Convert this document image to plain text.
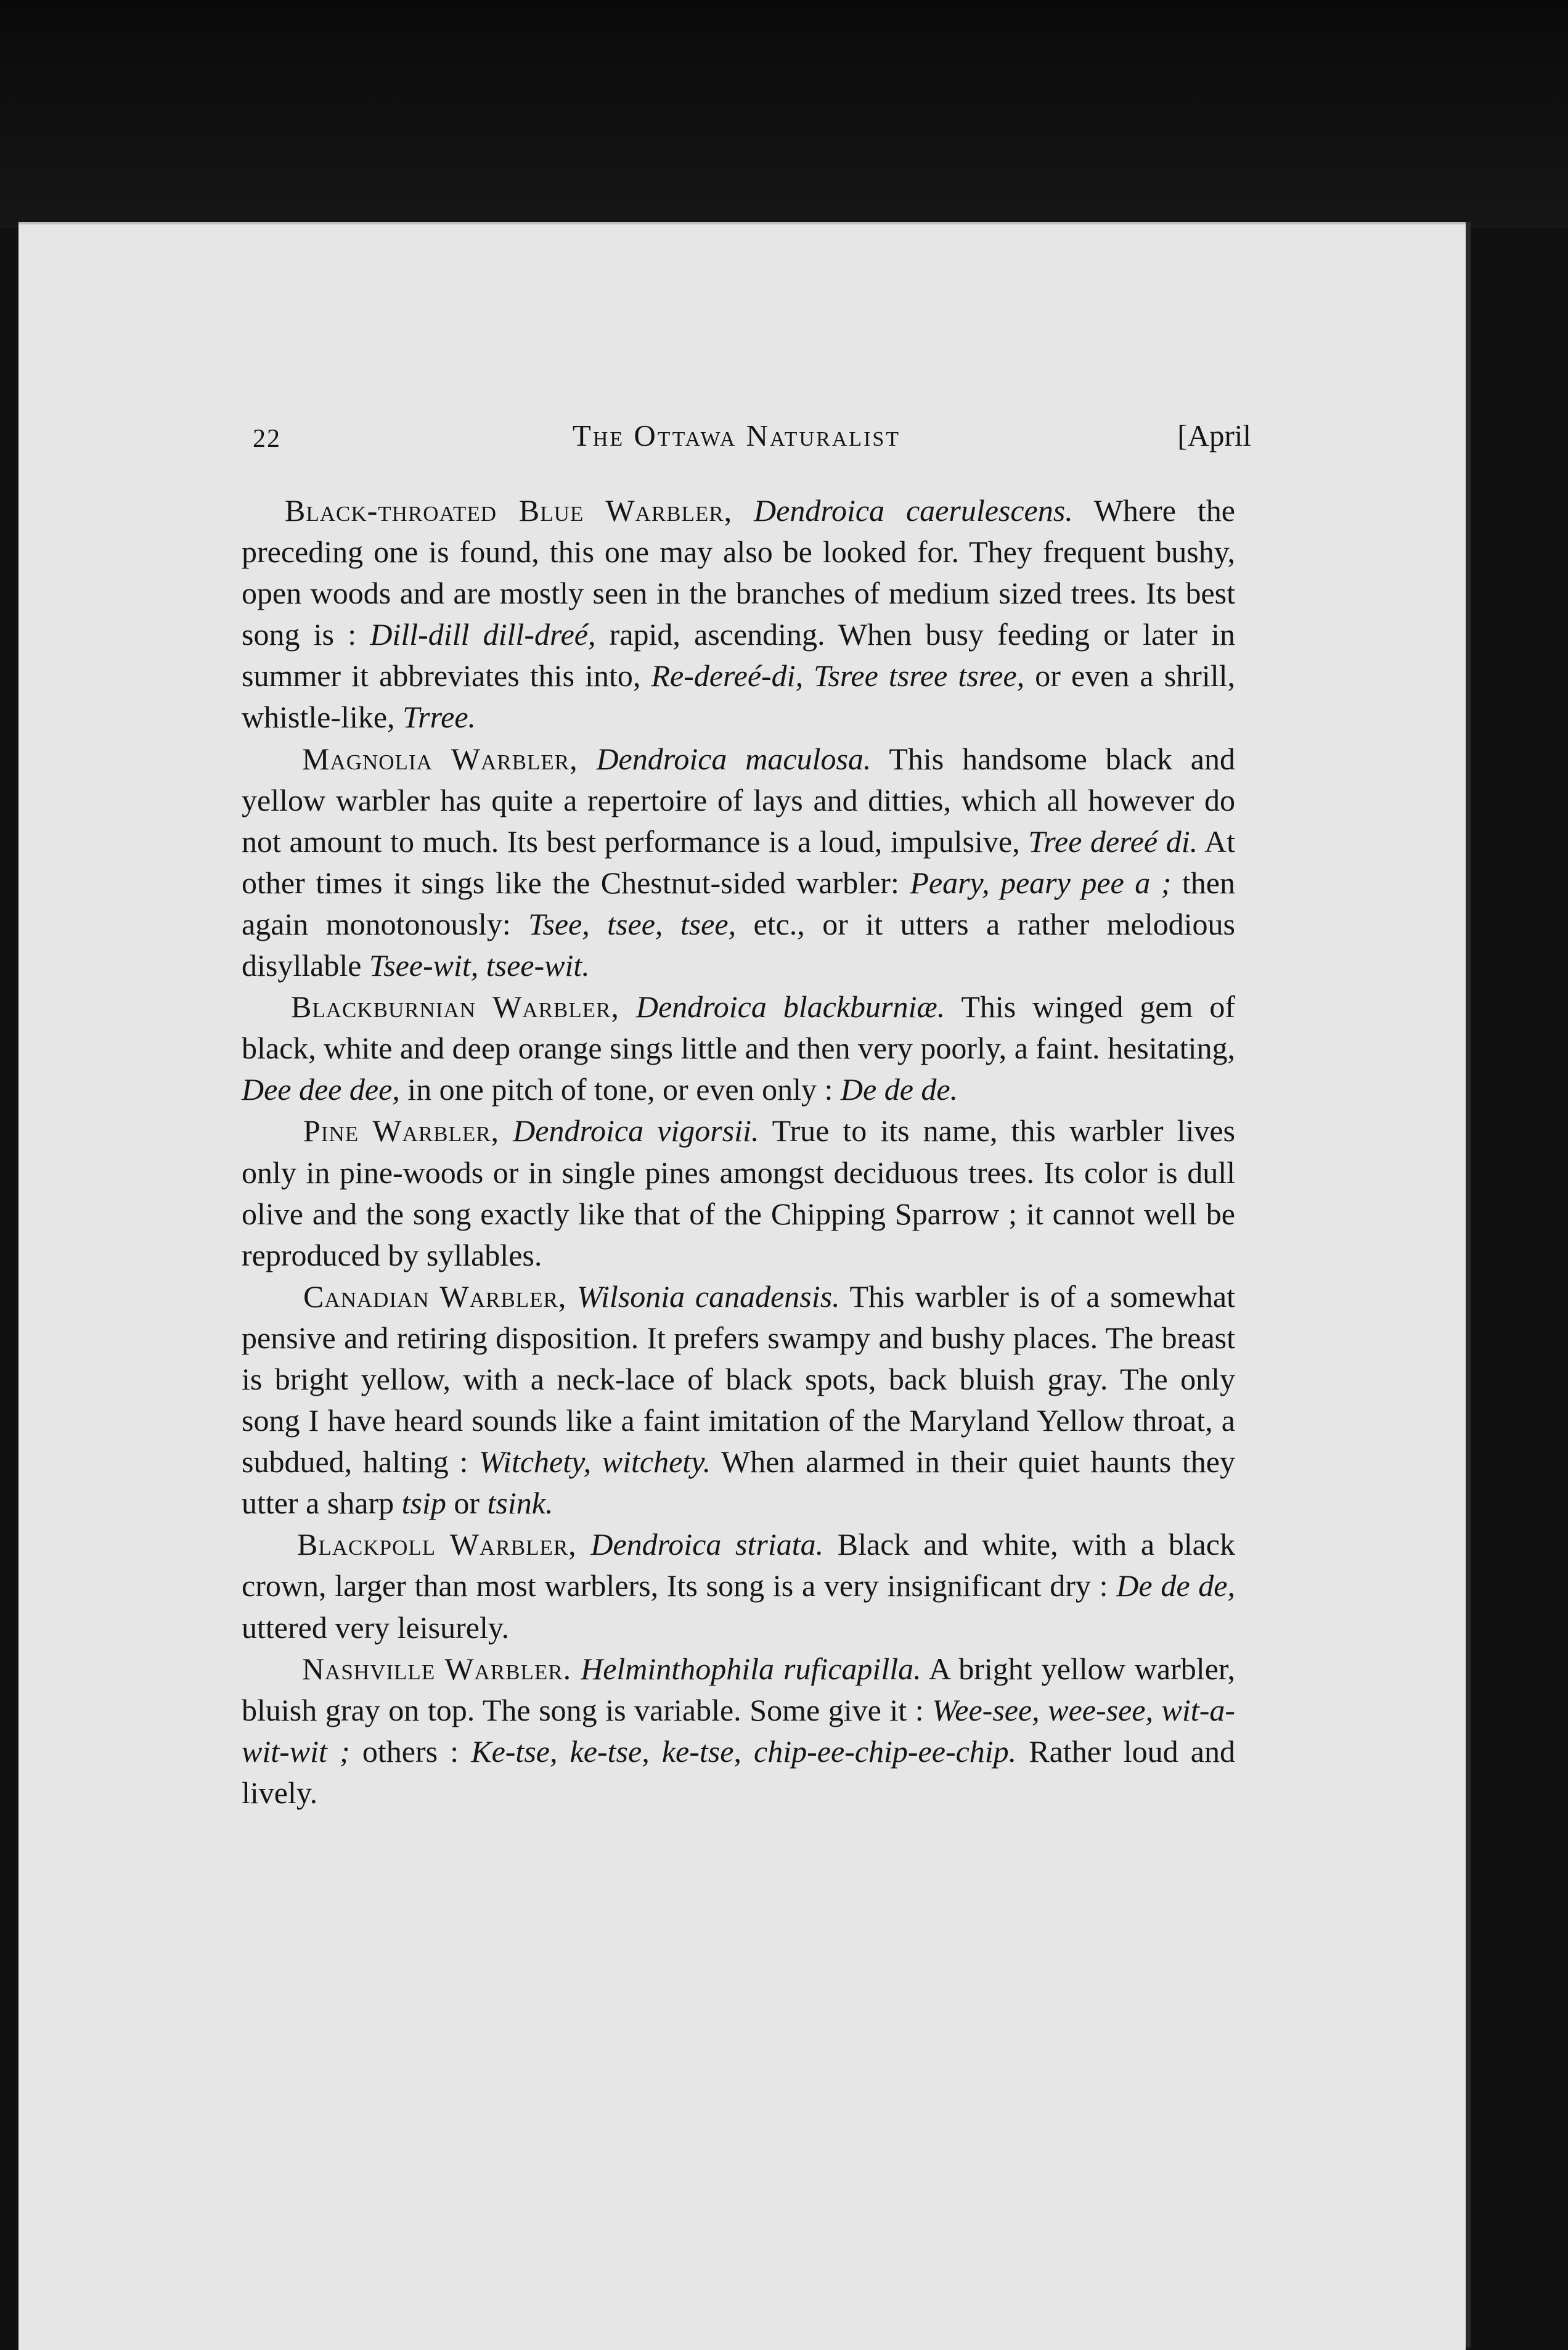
22	The Ottawa Naturalist	[April

Black-throated Blue Warbler, Dendroica caerulescens. Where the preceding one is found, this one may also be looked for. They frequent bushy, open woods and are mostly seen in the branches of medium sized trees. Its best song is : Dill-dill dill-dreé, rapid, ascending. When busy feeding or later in summer it abbreviates this into, Re-dereé-di, Tsree tsree tsree, or even a shrill, whistle-like, Trree.

Magnolia Warbler, Dendroica maculosa. This handsome black and yellow warbler has quite a repertoire of lays and ditties, which all however do not amount to much. Its best performance is a loud, impulsive, Tree dereé di. At other times it sings like the Chestnut-sided warbler: Peary, peary pee a ; then again monotonously: Tsee, tsee, tsee, etc., or it utters a rather melodious disyllable Tsee-wit, tsee-wit.

Blackburnian Warbler, Dendroica blackburniæ. This winged gem of black, white and deep orange sings little and then very poorly, a faint. hesitating, Dee dee dee, in one pitch of tone, or even only : De de de.

Pine Warbler, Dendroica vigorsii. True to its name, this warbler lives only in pine-woods or in single pines amongst deciduous trees. Its color is dull olive and the song exactly like that of the Chipping Sparrow ; it cannot well be reproduced by syllables.

Canadian Warbler, Wilsonia canadensis. This warbler is of a somewhat pensive and retiring disposition. It prefers swampy and bushy places. The breast is bright yellow, with a neck-lace of black spots, back bluish gray. The only song I have heard sounds like a faint imitation of the Maryland Yellow throat, a subdued, halting : Witchety, witchety. When alarmed in their quiet haunts they utter a sharp tsip or tsink.

Blackpoll Warbler, Dendroica striata. Black and white, with a black crown, larger than most warblers, Its song is a very insignificant dry : De de de, uttered very leisurely.

Nashville Warbler. Helminthophila ruficapilla. A bright yellow warbler, bluish gray on top. The song is variable. Some give it : Wee-see, wee-see, wit-a-wit-wit ; others : Ke-tse, ke-tse, ke-tse, chip-ee-chip-ee-chip. Rather loud and lively.
